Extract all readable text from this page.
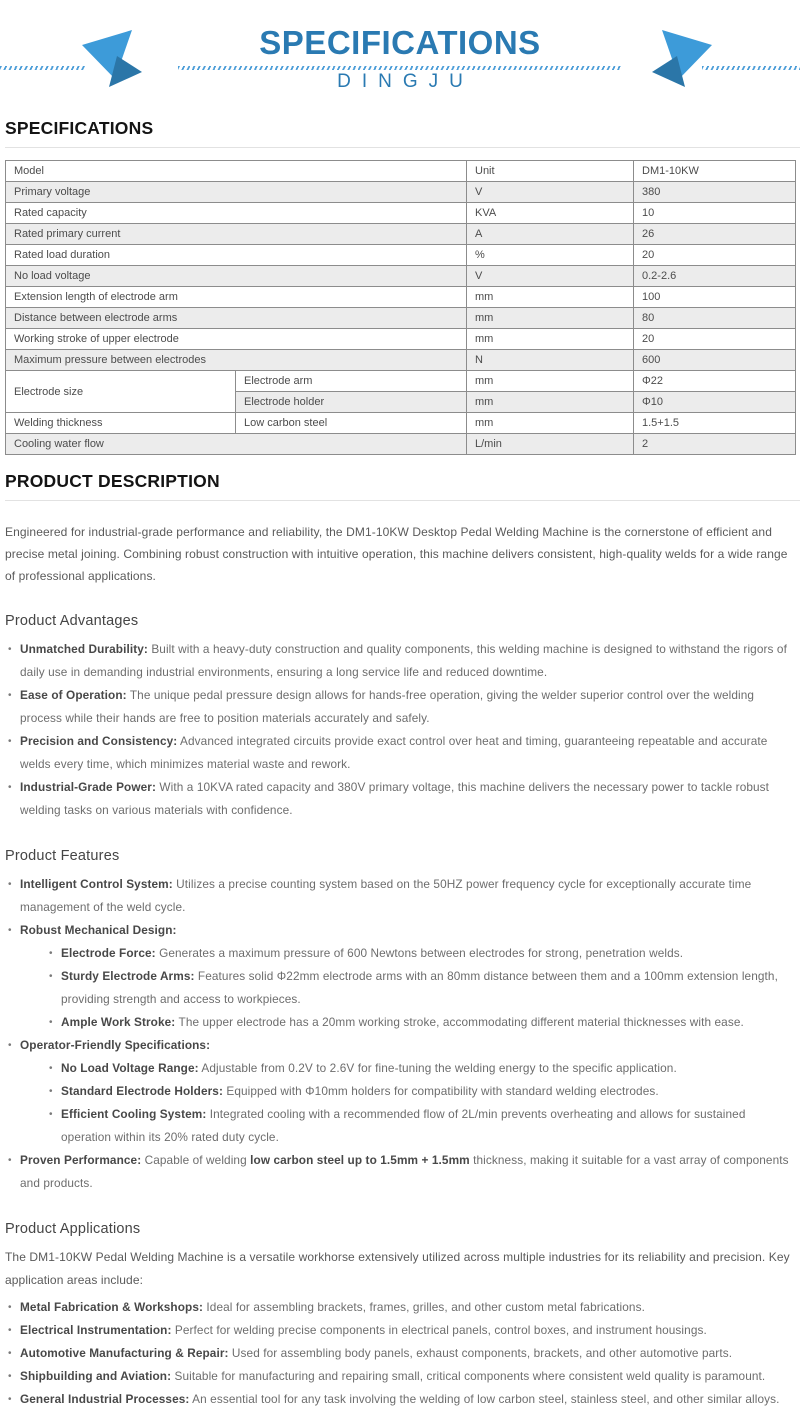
SPECIFICATIONS
DINGJU
SPECIFICATIONS
Model		Unit	DM1-10KW
Primary voltage		V	380
Rated capacity		KVA	10
Rated primary current		A	26
Rated load duration		%	20
No load voltage		V	0.2-2.6
Extension length of electrode arm		mm	100
Distance between electrode arms		mm	80
Working stroke of upper electrode		mm	20
Maximum pressure between electrodes		N	600
Electrode size	Electrode arm	mm	Φ22
	Electrode holder	mm	Φ10
Welding thickness	Low carbon steel	mm	1.5+1.5
Cooling water flow		L/min	2
PRODUCT DESCRIPTION

Engineered for industrial-grade performance and reliability, the DM1-10KW Desktop Pedal Welding Machine is the cornerstone of efficient and precise metal joining. Combining robust construction with intuitive operation, this machine delivers consistent, high-quality welds for a wide range of professional applications.

Product Advantages
• Unmatched Durability: Built with a heavy-duty construction and quality components, this welding machine is designed to withstand the rigors of daily use in demanding industrial environments, ensuring a long service life and reduced downtime.
• Ease of Operation: The unique pedal pressure design allows for hands-free operation, giving the welder superior control over the welding process while their hands are free to position materials accurately and safely.
• Precision and Consistency: Advanced integrated circuits provide exact control over heat and timing, guaranteeing repeatable and accurate welds every time, which minimizes material waste and rework.
• Industrial-Grade Power: With a 10KVA rated capacity and 380V primary voltage, this machine delivers the necessary power to tackle robust welding tasks on various materials with confidence.
Product Features
• Intelligent Control System: Utilizes a precise counting system based on the 50HZ power frequency cycle for exceptionally accurate time management of the weld cycle.
• Robust Mechanical Design:
• Electrode Force: Generates a maximum pressure of 600 Newtons between electrodes for strong, penetration welds.
• Sturdy Electrode Arms: Features solid Φ22mm electrode arms with an 80mm distance between them and a 100mm extension length, providing strength and access to workpieces.
• Ample Work Stroke: The upper electrode has a 20mm working stroke, accommodating different material thicknesses with ease.
• Operator-Friendly Specifications:
• No Load Voltage Range: Adjustable from 0.2V to 2.6V for fine-tuning the welding energy to the specific application.
• Standard Electrode Holders: Equipped with Φ10mm holders for compatibility with standard welding electrodes.
• Efficient Cooling System: Integrated cooling with a recommended flow of 2L/min prevents overheating and allows for sustained operation within its 20% rated duty cycle.
• Proven Performance: Capable of welding low carbon steel up to 1.5mm + 1.5mm thickness, making it suitable for a vast array of components and products.
Product Applications

The DM1-10KW Pedal Welding Machine is a versatile workhorse extensively utilized across multiple industries for its reliability and precision. Key application areas include:

• Metal Fabrication & Workshops: Ideal for assembling brackets, frames, grilles, and other custom metal fabrications.
• Electrical Instrumentation: Perfect for welding precise components in electrical panels, control boxes, and instrument housings.
• Automotive Manufacturing & Repair: Used for assembling body panels, exhaust components, brackets, and other automotive parts.
• Shipbuilding and Aviation: Suitable for manufacturing and repairing small, critical components where consistent weld quality is paramount.
• General Industrial Processes: An essential tool for any task involving the welding of low carbon steel, stainless steel, and other similar alloys.
